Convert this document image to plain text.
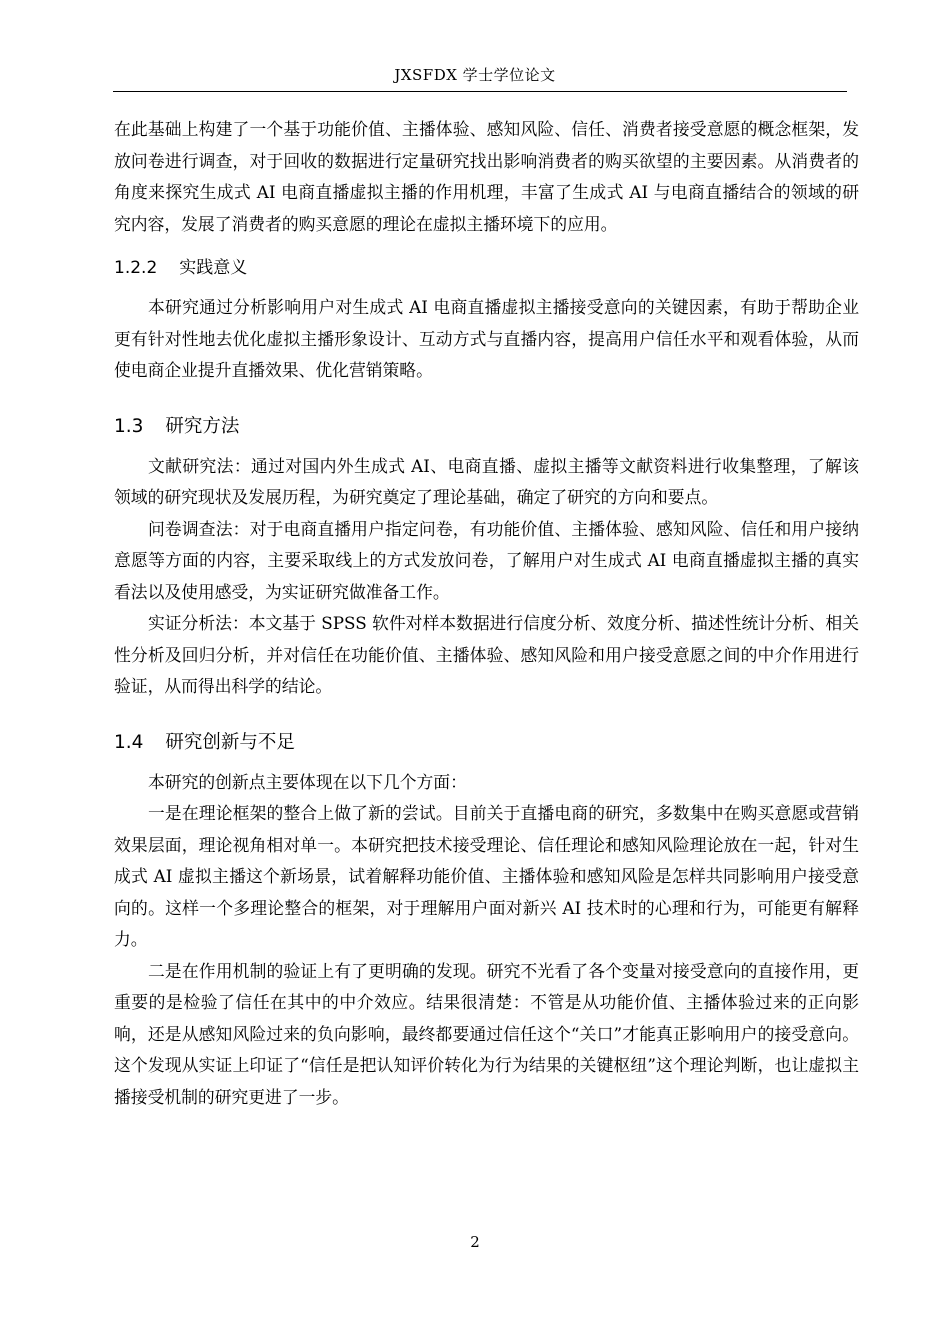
JXSFDX 学士学位论文

在此基础上构建了一个基于功能价值、主播体验、感知风险、信任、消费者接受意愿的概念框架，发放问卷进行调查，对于回收的数据进行定量研究找出影响消费者的购买欲望的主要因素。从消费者的角度来探究生成式 AI 电商直播虚拟主播的作用机理，丰富了生成式 AI 与电商直播结合的领域的研究内容，发展了消费者的购买意愿的理论在虚拟主播环境下的应用。

1.2.2 实践意义

本研究通过分析影响用户对生成式 AI 电商直播虚拟主播接受意向的关键因素，有助于帮助企业更有针对性地去优化虚拟主播形象设计、互动方式与直播内容，提高用户信任水平和观看体验，从而使电商企业提升直播效果、优化营销策略。

1.3 研究方法

文献研究法：通过对国内外生成式 AI、电商直播、虚拟主播等文献资料进行收集整理，了解该领域的研究现状及发展历程，为研究奠定了理论基础，确定了研究的方向和要点。

问卷调查法：对于电商直播用户指定问卷，有功能价值、主播体验、感知风险、信任和用户接纳意愿等方面的内容，主要采取线上的方式发放问卷，了解用户对生成式 AI 电商直播虚拟主播的真实看法以及使用感受，为实证研究做准备工作。

实证分析法：本文基于 SPSS 软件对样本数据进行信度分析、效度分析、描述性统计分析、相关性分析及回归分析，并对信任在功能价值、主播体验、感知风险和用户接受意愿之间的中介作用进行验证，从而得出科学的结论。

1.4 研究创新与不足

本研究的创新点主要体现在以下几个方面：

一是在理论框架的整合上做了新的尝试。目前关于直播电商的研究，多数集中在购买意愿或营销效果层面，理论视角相对单一。本研究把技术接受理论、信任理论和感知风险理论放在一起，针对生成式 AI 虚拟主播这个新场景，试着解释功能价值、主播体验和感知风险是怎样共同影响用户接受意向的。这样一个多理论整合的框架，对于理解用户面对新兴 AI 技术时的心理和行为，可能更有解释力。

二是在作用机制的验证上有了更明确的发现。研究不光看了各个变量对接受意向的直接作用，更重要的是检验了信任在其中的中介效应。结果很清楚：不管是从功能价值、主播体验过来的正向影响，还是从感知风险过来的负向影响，最终都要通过信任这个“关口”才能真正影响用户的接受意向。这个发现从实证上印证了“信任是把认知评价转化为行为结果的关键枢纽”这个理论判断，也让虚拟主播接受机制的研究更进了一步。

2
